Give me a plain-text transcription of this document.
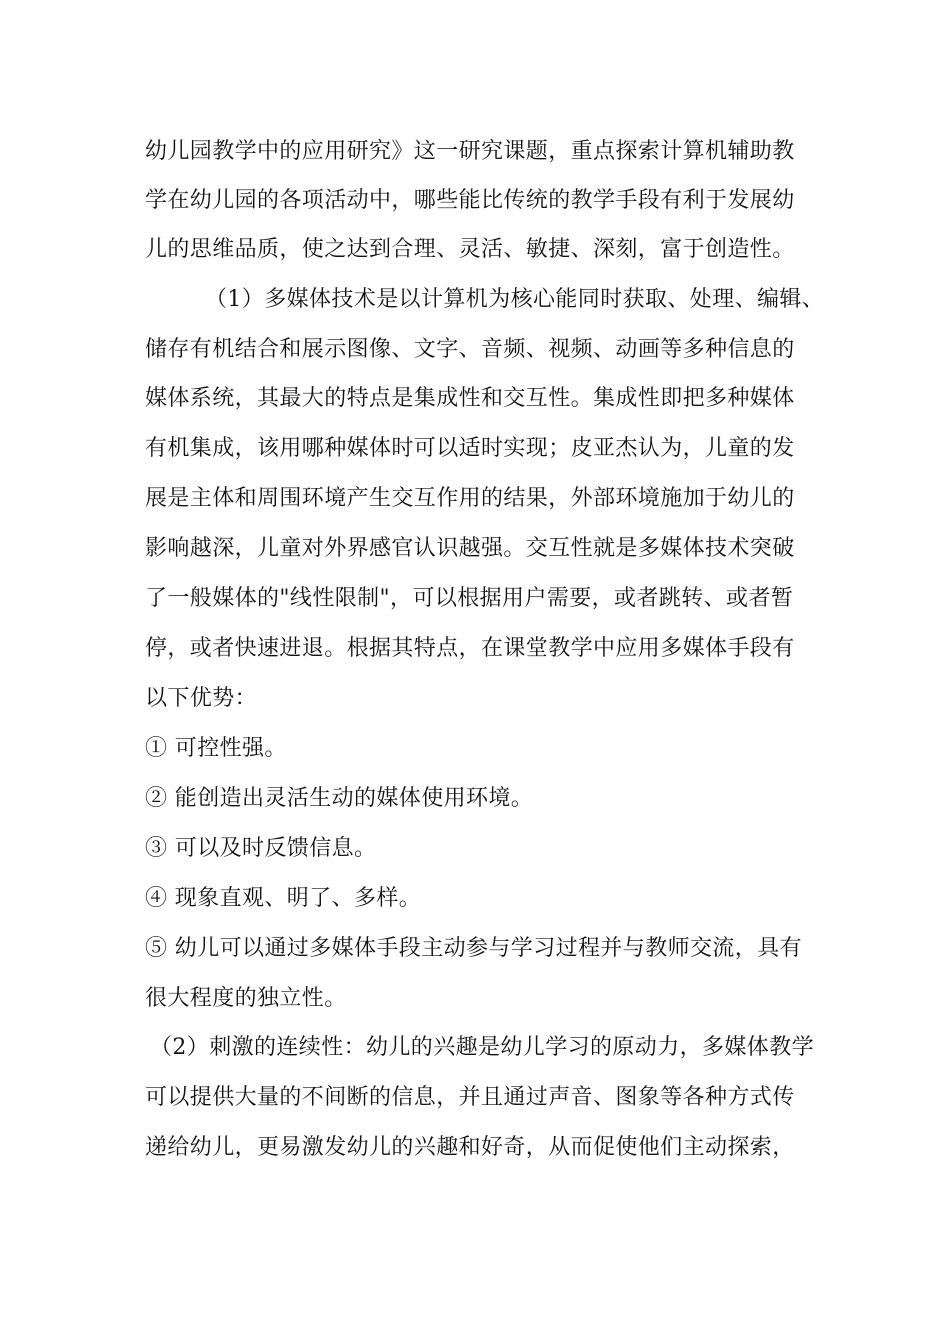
幼儿园教学中的应用研究》这一研究课题，重点探索计算机辅助教
学在幼儿园的各项活动中，哪些能比传统的教学手段有利于发展幼
儿的思维品质，使之达到合理、灵活、敏捷、深刻，富于创造性。
（1）多媒体技术是以计算机为核心能同时获取、处理、编辑、
储存有机结合和展示图像、文字、音频、视频、动画等多种信息的
媒体系统，其最大的特点是集成性和交互性。集成性即把多种媒体
有机集成，该用哪种媒体时可以适时实现；皮亚杰认为，儿童的发
展是主体和周围环境产生交互作用的结果，外部环境施加于幼儿的
影响越深，儿童对外界感官认识越强。交互性就是多媒体技术突破
了一般媒体的"线性限制"，可以根据用户需要，或者跳转、或者暂
停，或者快速进退。根据其特点，在课堂教学中应用多媒体手段有
以下优势：
① 可控性强。
② 能创造出灵活生动的媒体使用环境。
③ 可以及时反馈信息。
④ 现象直观、明了、多样。
⑤ 幼儿可以通过多媒体手段主动参与学习过程并与教师交流，具有
很大程度的独立性。
（2）刺激的连续性：幼儿的兴趣是幼儿学习的原动力，多媒体教学
可以提供大量的不间断的信息，并且通过声音、图象等各种方式传
递给幼儿，更易激发幼儿的兴趣和好奇，从而促使他们主动探索，
